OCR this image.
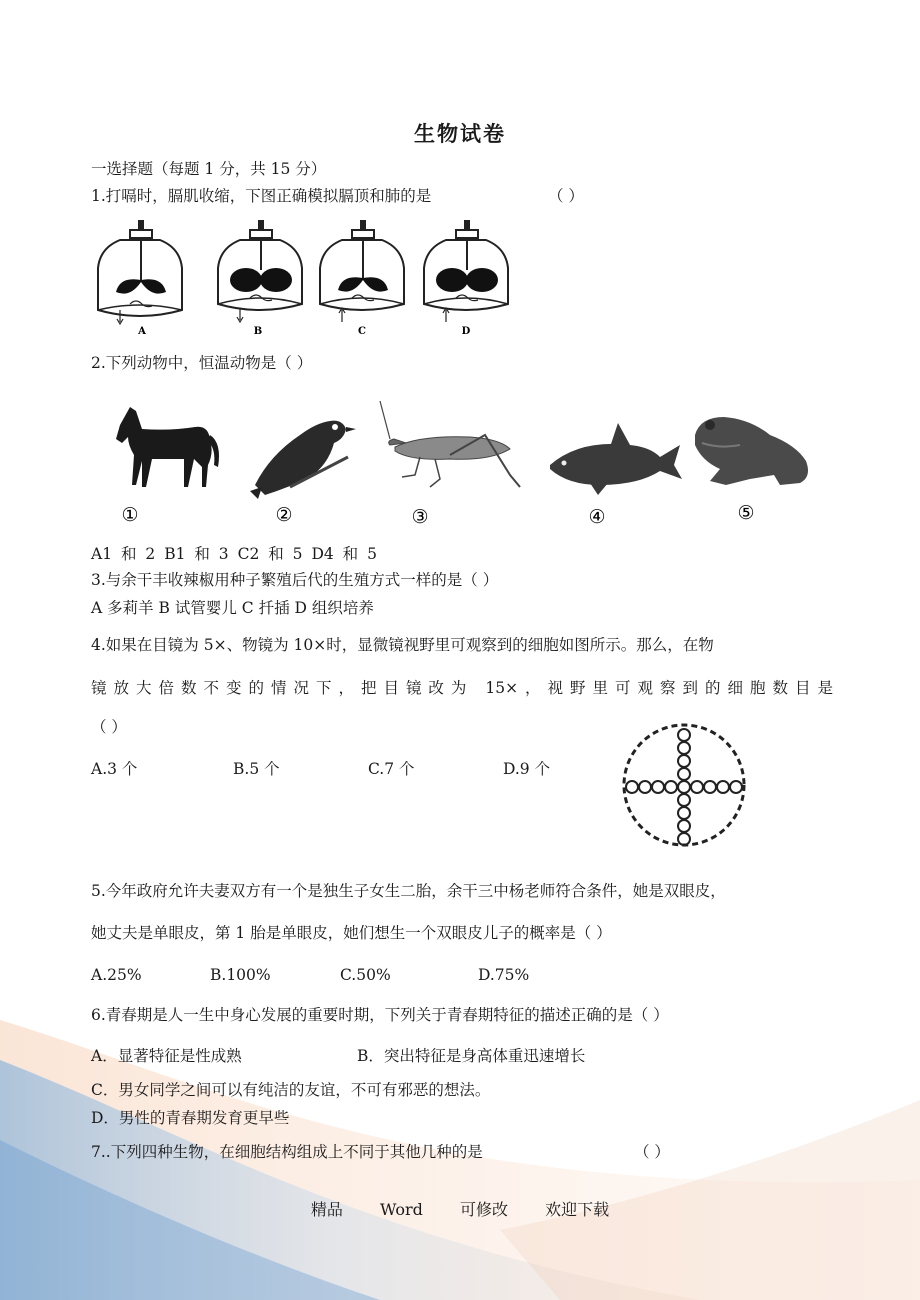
生物试卷
一选择题（每题 1 分，共 15 分）
1.打嗝时，膈肌收缩，下图正确模拟膈顶和肺的是	（ ）
A	B	C	D
2.下列动物中，恒温动物是（ ）
①	②	③	④	⑤
A1 和 2 B1 和 3 C2 和 5 D4 和 5
3.与余干丰收辣椒用种子繁殖后代的生殖方式一样的是（ ）
A 多莉羊 B 试管婴儿 C 扦插 D 组织培养
4.如果在目镜为 5×、物镜为 10×时，显微镜视野里可观察到的细胞如图所示。那么，在物
镜放大倍数不变的情况下，把目镜改为 15×，视野里可观察到的细胞数目是
（ ）
A.3 个	B.5 个	C.7 个	D.9 个
5.今年政府允许夫妻双方有一个是独生子女生二胎，余干三中杨老师符合条件，她是双眼皮，
她丈夫是单眼皮，第 1 胎是单眼皮，她们想生一个双眼皮儿子的概率是（ ）
A.25%	B.100%	C.50%	D.75%
6.青春期是人一生中身心发展的重要时期，下列关于青春期特征的描述正确的是（ ）
A．显著特征是性成熟	B．突出特征是身高体重迅速增长
C．男女同学之间可以有纯洁的友谊，不可有邪恶的想法。
D．男性的青春期发育更早些
7..下列四种生物，在细胞结构组成上不同于其他几种的是	（ ）
精品 Word 可修改 欢迎下载
